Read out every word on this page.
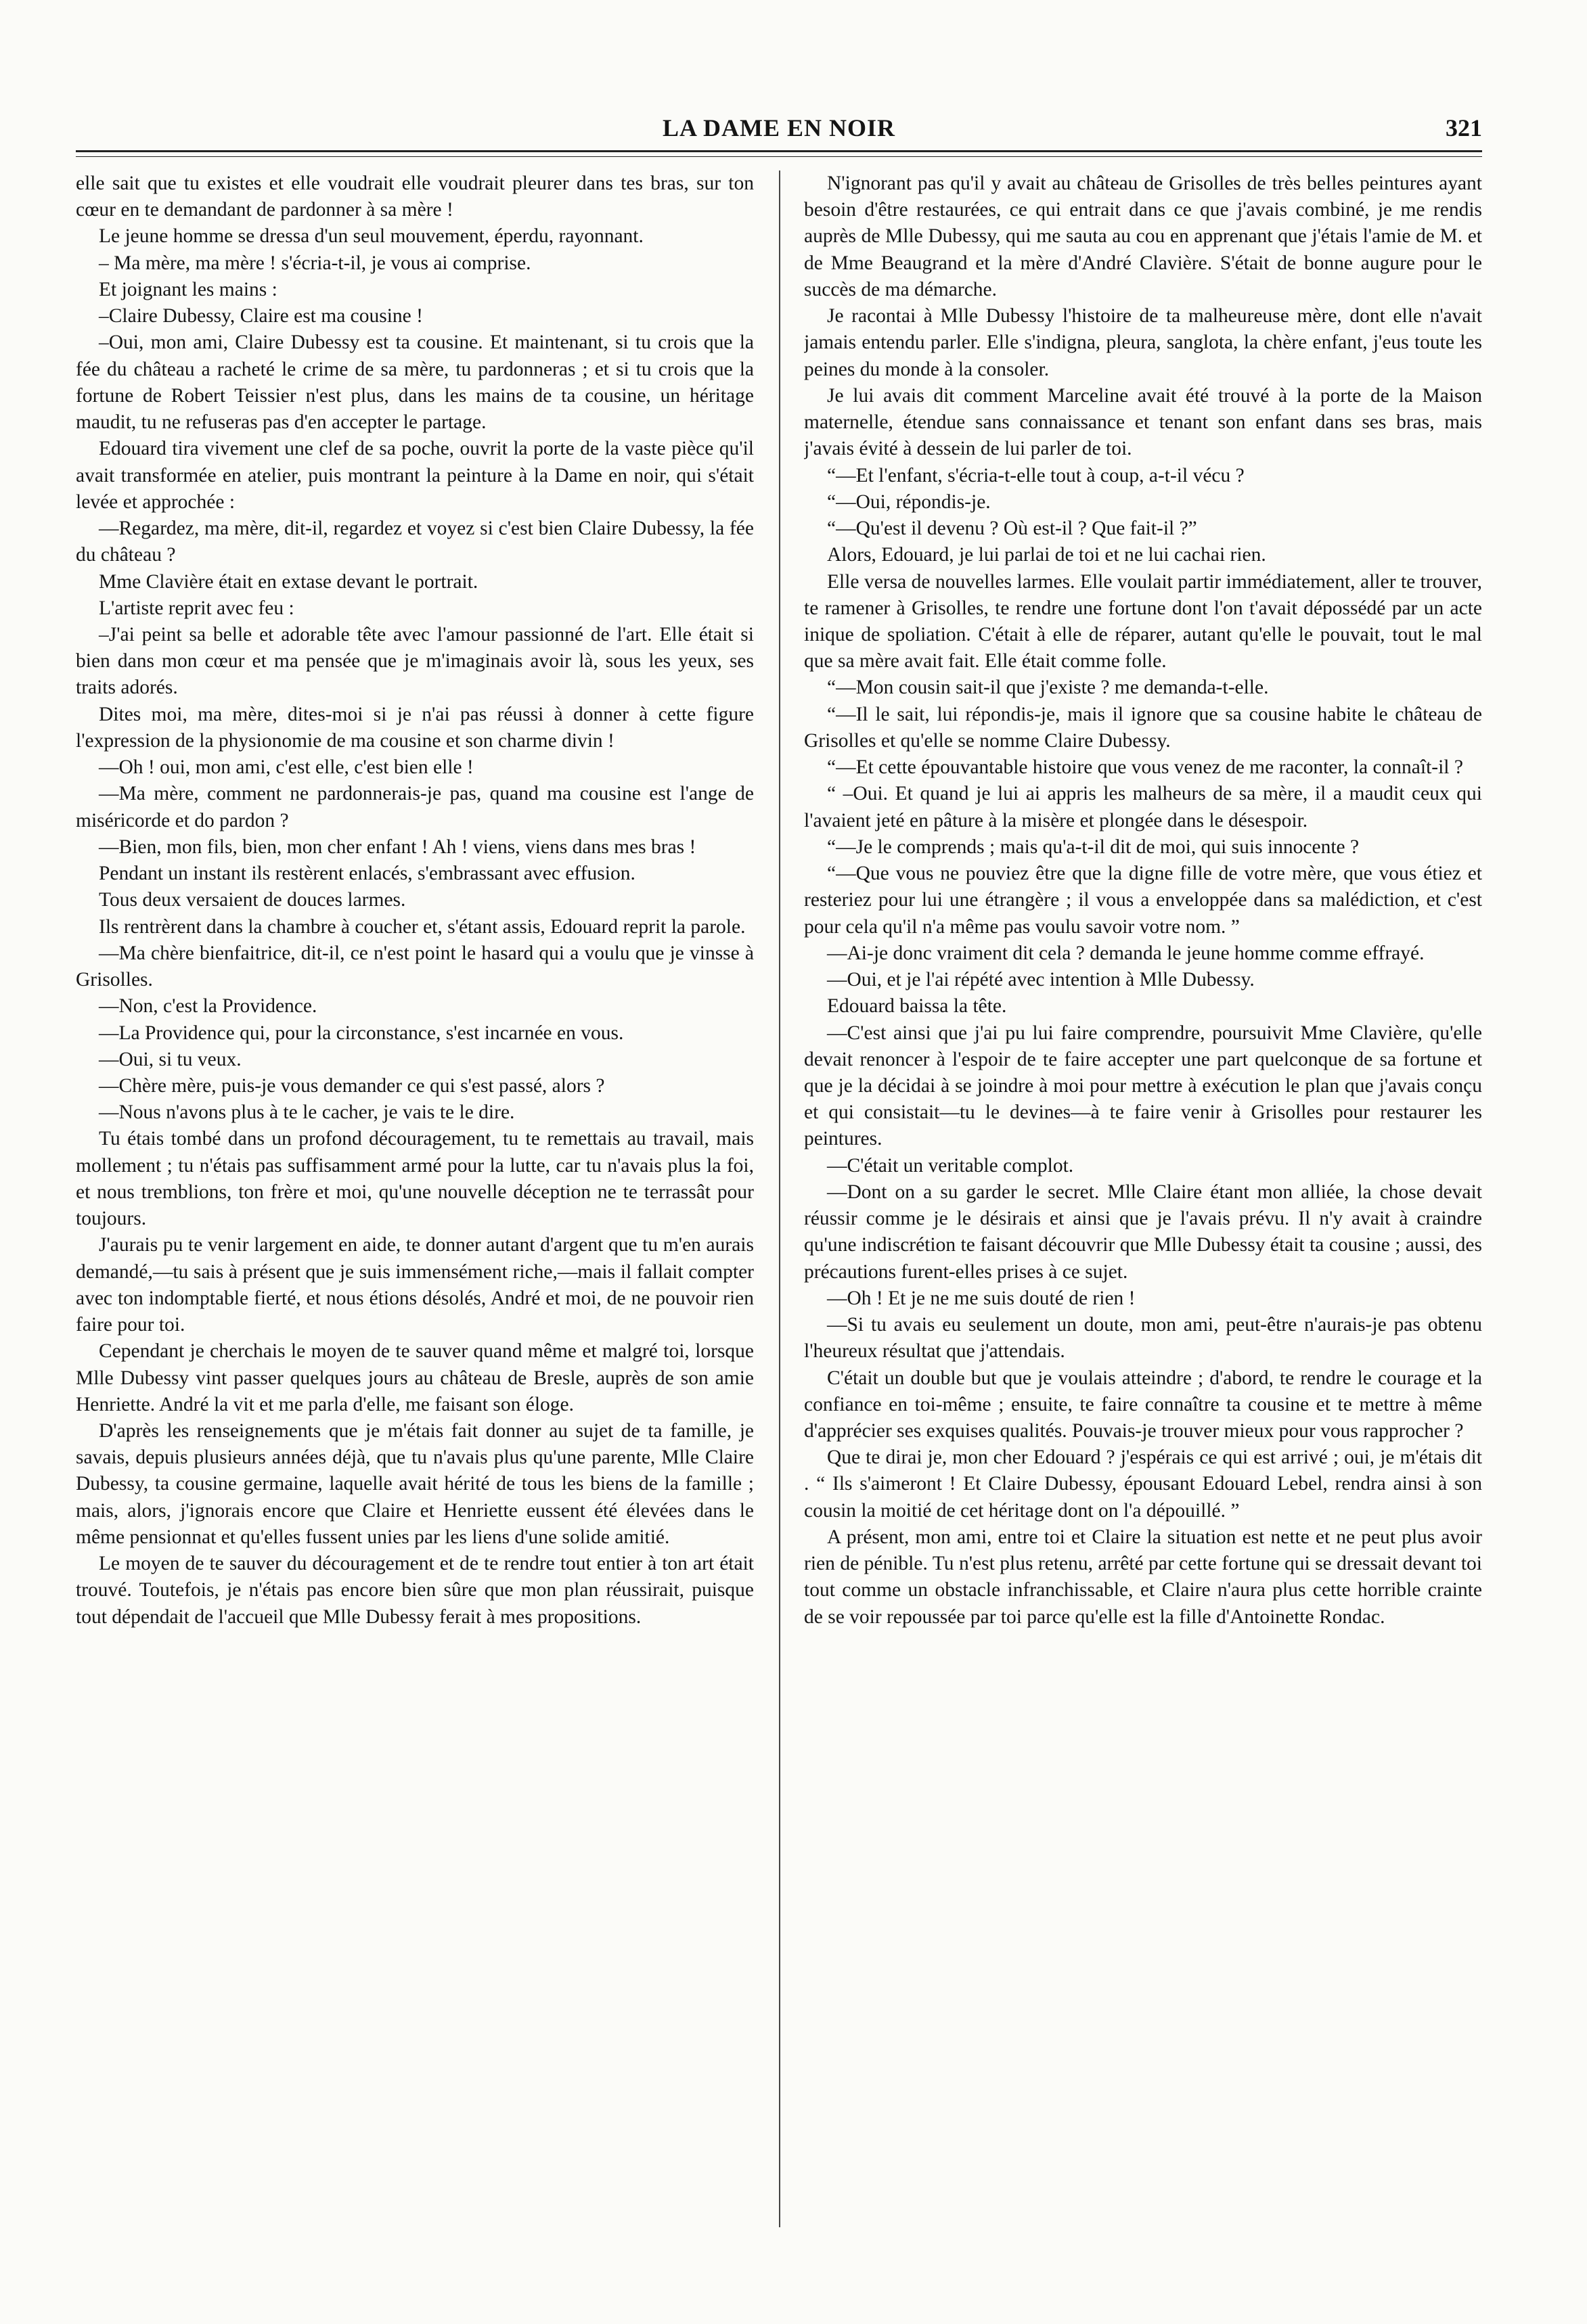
LA DAME EN NOIR	321

elle sait que tu existes et elle voudrait elle voudrait pleurer dans tes bras, sur ton cœur en te demandant de pardonner à sa mère !

Le jeune homme se dressa d'un seul mouvement, éperdu, rayonnant.

– Ma mère, ma mère ! s'écria-t-il, je vous ai comprise.

Et joignant les mains :

–Claire Dubessy, Claire est ma cousine !

–Oui, mon ami, Claire Dubessy est ta cousine. Et maintenant, si tu crois que la fée du château a racheté le crime de sa mère, tu pardonneras ; et si tu crois que la fortune de Robert Teissier n'est plus, dans les mains de ta cousine, un héritage maudit, tu ne refuseras pas d'en accepter le partage.

Edouard tira vivement une clef de sa poche, ouvrit la porte de la vaste pièce qu'il avait transformée en atelier, puis montrant la peinture à la Dame en noir, qui s'était levée et approchée :

—Regardez, ma mère, dit-il, regardez et voyez si c'est bien Claire Dubessy, la fée du château ?

Mme Clavière était en extase devant le portrait.

L'artiste reprit avec feu :

–J'ai peint sa belle et adorable tête avec l'amour passionné de l'art. Elle était si bien dans mon cœur et ma pensée que je m'imaginais avoir là, sous les yeux, ses traits adorés.

Dites moi, ma mère, dites-moi si je n'ai pas réussi à donner à cette figure l'expression de la physionomie de ma cousine et son charme divin !

—Oh ! oui, mon ami, c'est elle, c'est bien elle !

—Ma mère, comment ne pardonnerais-je pas, quand ma cousine est l'ange de miséricorde et do pardon ?

—Bien, mon fils, bien, mon cher enfant ! Ah ! viens, viens dans mes bras !

Pendant un instant ils restèrent enlacés, s'embrassant avec effusion.

Tous deux versaient de douces larmes.

Ils rentrèrent dans la chambre à coucher et, s'étant assis, Edouard reprit la parole.

—Ma chère bienfaitrice, dit-il, ce n'est point le hasard qui a voulu que je vinsse à Grisolles.

—Non, c'est la Providence.

—La Providence qui, pour la circonstance, s'est incarnée en vous.

—Oui, si tu veux.

—Chère mère, puis-je vous demander ce qui s'est passé, alors ?

—Nous n'avons plus à te le cacher, je vais te le dire.

Tu étais tombé dans un profond découragement, tu te remettais au travail, mais mollement ; tu n'étais pas suffisamment armé pour la lutte, car tu n'avais plus la foi, et nous tremblions, ton frère et moi, qu'une nouvelle déception ne te terrassât pour toujours.

J'aurais pu te venir largement en aide, te donner autant d'argent que tu m'en aurais demandé,—tu sais à présent que je suis immensément riche,—mais il fallait compter avec ton indomptable fierté, et nous étions désolés, André et moi, de ne pouvoir rien faire pour toi.

Cependant je cherchais le moyen de te sauver quand même et malgré toi, lorsque Mlle Dubessy vint passer quelques jours au château de Bresle, auprès de son amie Henriette. André la vit et me parla d'elle, me faisant son éloge.

D'après les renseignements que je m'étais fait donner au sujet de ta famille, je savais, depuis plusieurs années déjà, que tu n'avais plus qu'une parente, Mlle Claire Dubessy, ta cousine germaine, laquelle avait hérité de tous les biens de la famille ; mais, alors, j'ignorais encore que Claire et Henriette eussent été élevées dans le même pensionnat et qu'elles fussent unies par les liens d'une solide amitié.

Le moyen de te sauver du découragement et de te rendre tout entier à ton art était trouvé. Toutefois, je n'étais pas encore bien sûre que mon plan réussirait, puisque tout dépendait de l'accueil que Mlle Dubessy ferait à mes propositions.

N'ignorant pas qu'il y avait au château de Grisolles de très belles peintures ayant besoin d'être restaurées, ce qui entrait dans ce que j'avais combiné, je me rendis auprès de Mlle Dubessy, qui me sauta au cou en apprenant que j'étais l'amie de M. et de Mme Beaugrand et la mère d'André Clavière. S'était de bonne augure pour le succès de ma démarche.

Je racontai à Mlle Dubessy l'histoire de ta malheureuse mère, dont elle n'avait jamais entendu parler. Elle s'indigna, pleura, sanglota, la chère enfant, j'eus toute les peines du monde à la consoler.

Je lui avais dit comment Marceline avait été trouvé à la porte de la Maison maternelle, étendue sans connaissance et tenant son enfant dans ses bras, mais j'avais évité à dessein de lui parler de toi.

“—Et l'enfant, s'écria-t-elle tout à coup, a-t-il vécu ?

“—Oui, répondis-je.

“—Qu'est il devenu ? Où est-il ? Que fait-il ?”

Alors, Edouard, je lui parlai de toi et ne lui cachai rien.

Elle versa de nouvelles larmes. Elle voulait partir immédiatement, aller te trouver, te ramener à Grisolles, te rendre une fortune dont l'on t'avait dépossédé par un acte inique de spoliation. C'était à elle de réparer, autant qu'elle le pouvait, tout le mal que sa mère avait fait. Elle était comme folle.

“—Mon cousin sait-il que j'existe ? me demanda-t-elle.

“—Il le sait, lui répondis-je, mais il ignore que sa cousine habite le château de Grisolles et qu'elle se nomme Claire Dubessy.

“—Et cette épouvantable histoire que vous venez de me raconter, la connaît-il ?

“ –Oui. Et quand je lui ai appris les malheurs de sa mère, il a maudit ceux qui l'avaient jeté en pâture à la misère et plongée dans le désespoir.

“—Je le comprends ; mais qu'a-t-il dit de moi, qui suis innocente ?

“—Que vous ne pouviez être que la digne fille de votre mère, que vous étiez et resteriez pour lui une étrangère ; il vous a enveloppée dans sa malédiction, et c'est pour cela qu'il n'a même pas voulu savoir votre nom. ”

—Ai-je donc vraiment dit cela ? demanda le jeune homme comme effrayé.

—Oui, et je l'ai répété avec intention à Mlle Dubessy.

Edouard baissa la tête.

—C'est ainsi que j'ai pu lui faire comprendre, poursuivit Mme Clavière, qu'elle devait renoncer à l'espoir de te faire accepter une part quelconque de sa fortune et que je la décidai à se joindre à moi pour mettre à exécution le plan que j'avais conçu et qui consistait—tu le devines—à te faire venir à Grisolles pour restaurer les peintures.

—C'était un veritable complot.

—Dont on a su garder le secret. Mlle Claire étant mon alliée, la chose devait réussir comme je le désirais et ainsi que je l'avais prévu. Il n'y avait à craindre qu'une indiscrétion te faisant découvrir que Mlle Dubessy était ta cousine ; aussi, des précautions furent-elles prises à ce sujet.

—Oh ! Et je ne me suis douté de rien !

—Si tu avais eu seulement un doute, mon ami, peut-être n'aurais-je pas obtenu l'heureux résultat que j'attendais.

C'était un double but que je voulais atteindre ; d'abord, te rendre le courage et la confiance en toi-même ; ensuite, te faire connaître ta cousine et te mettre à même d'apprécier ses exquises qualités. Pouvais-je trouver mieux pour vous rapprocher ?

Que te dirai je, mon cher Edouard ? j'espérais ce qui est arrivé ; oui, je m'étais dit . “ Ils s'aimeront ! Et Claire Dubessy, épousant Edouard Lebel, rendra ainsi à son cousin la moitié de cet héritage dont on l'a dépouillé. ”

A présent, mon ami, entre toi et Claire la situation est nette et ne peut plus avoir rien de pénible. Tu n'est plus retenu, arrêté par cette fortune qui se dressait devant toi tout comme un obstacle infranchissable, et Claire n'aura plus cette horrible crainte de se voir repoussée par toi parce qu'elle est la fille d'Antoinette Rondac.
